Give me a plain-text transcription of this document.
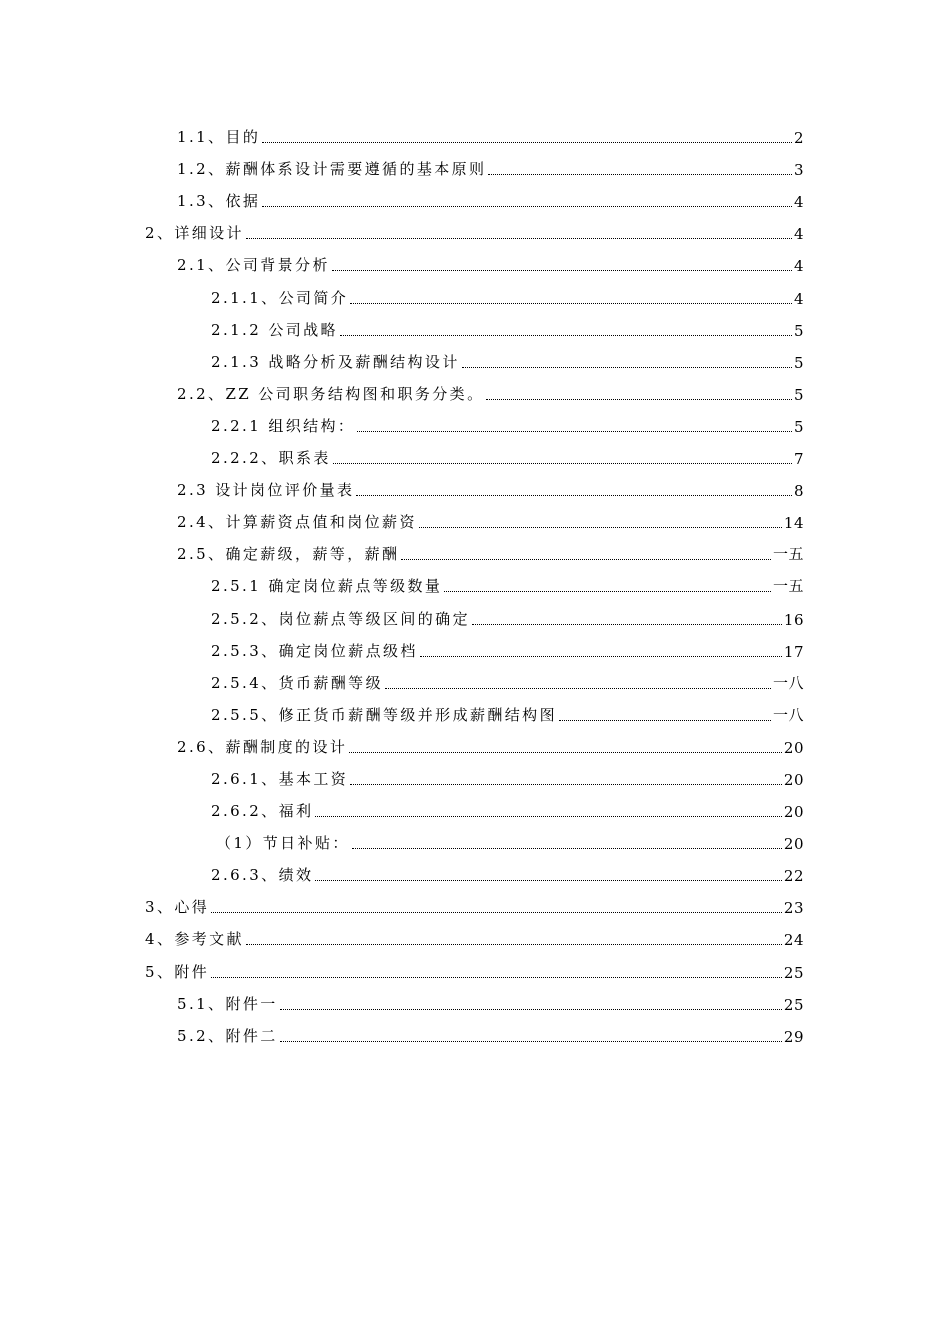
1.1、目的	2
1.2、薪酬体系设计需要遵循的基本原则	3
1.3、依据	4
2、详细设计	4
2.1、公司背景分析	4
2.1.1、公司简介	4
2.1.2 公司战略	5
2.1.3 战略分析及薪酬结构设计	5
2.2、ZZ 公司职务结构图和职务分类。	5
2.2.1 组织结构：	5
2.2.2、职系表	7
2.3 设计岗位评价量表	8
2.4、计算薪资点值和岗位薪资	14
2.5、确定薪级，薪等，薪酬	一五
2.5.1 确定岗位薪点等级数量	一五
2.5.2、岗位薪点等级区间的确定	16
2.5.3、确定岗位薪点级档	17
2.5.4、货币薪酬等级	一八
2.5.5、修正货币薪酬等级并形成薪酬结构图	一八
2.6、薪酬制度的设计	20
2.6.1、基本工资	20
2.6.2、福利	20
（1）节日补贴：	20
2.6.3、绩效	22
3、心得	23
4、参考文献	24
5、附件	25
5.1、附件一	25
5.2、附件二	29
